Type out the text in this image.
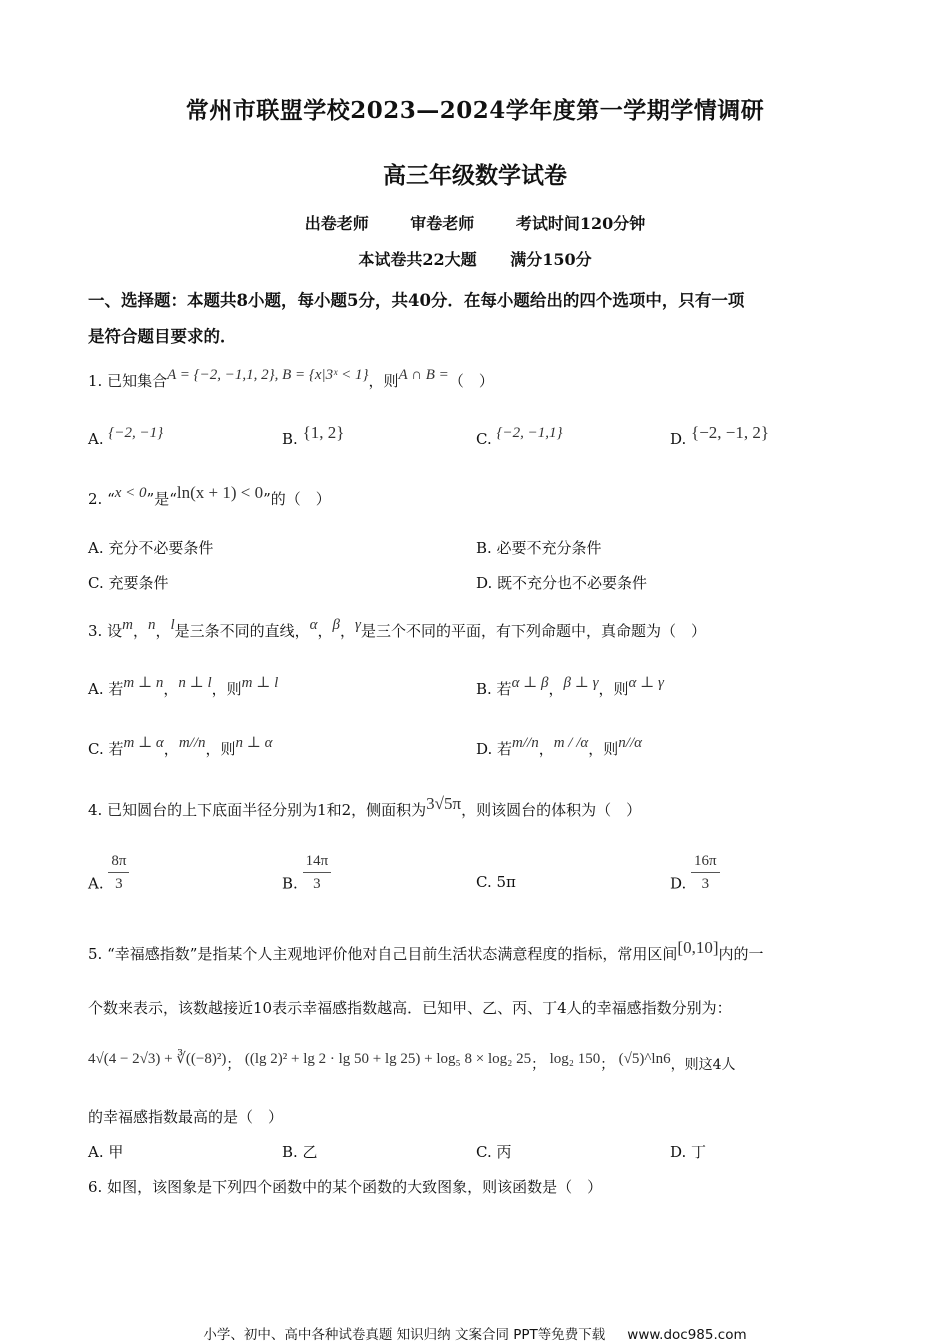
常州市联盟学校2023—2024学年度第一学期学情调研
高三年级数学试卷
出卷老师	审卷老师	考试时间120分钟
本试卷共22大题 满分150分
一、选择题：本题共8小题，每小题5分，共40分．在每小题给出的四个选项中，只有一项
是符合题目要求的．
1. 已知集合A = {−2, −1,1, 2}, B = {x|3ˣ < 1}，则A ∩ B =（　）
A. {−2, −1}	B. {1, 2}	C. {−2, −1,1}	D. {−2, −1, 2}
2. “x < 0”是“ln(x + 1) < 0”的（　）
A. 充分不必要条件	B. 必要不充分条件
C. 充要条件	D. 既不充分也不必要条件
3. 设m，n，l是三条不同的直线，α，β，γ是三个不同的平面，有下列命题中，真命题为（　）
A. 若m ⊥ n，n ⊥ l，则m ⊥ l	B. 若α ⊥ β，β ⊥ γ，则α ⊥ γ
C. 若m ⊥ α，m//n，则n ⊥ α	D. 若m//n，m / /α，则n//α
4. 已知圆台的上下底面半径分别为1和2，侧面积为3√5π，则该圆台的体积为（　）
A. $\frac{8\pi}{3}$	B. $\frac{14\pi}{3}$	C. 5π	D. $\frac{16\pi}{3}$
5. “幸福感指数”是指某个人主观地评价他对自己目前生活状态满意程度的指标，常用区间[0,10]内的一
个数来表示，该数越接近10表示幸福感指数越高．已知甲、乙、丙、丁4人的幸福感指数分别为：
4√(4 − 2√3) + ∛((−8)²)； ((lg 2)² + lg 2 · lg 50 + lg 25) + log₅ 8 × log₂ 25； log₂ 150； (√5)^ln6，则这4人
的幸福感指数最高的是（　）
A. 甲	B. 乙	C. 丙	D. 丁
6. 如图，该图象是下列四个函数中的某个函数的大致图象，则该函数是（　）
小学、初中、高中各种试卷真题 知识归纳 文案合同 PPT等免费下载 www.doc985.com
